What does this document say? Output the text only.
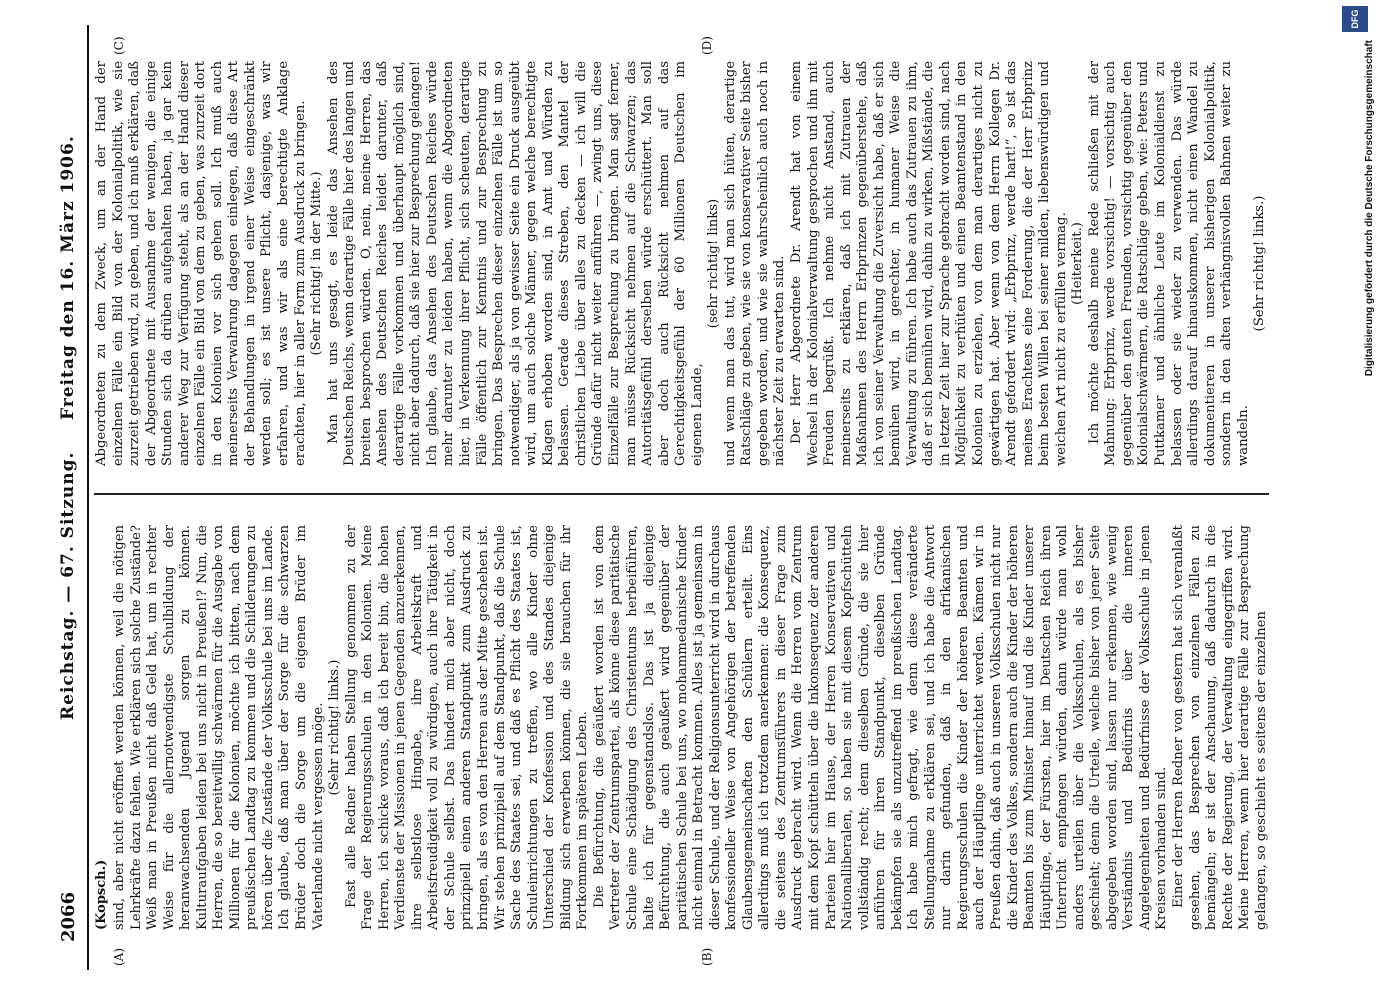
2066
Reichstag. — 67. Sitzung.
Freitag den 16. März 1906.
(Kopsch.)
(A)	(B)
(C)	(D)

sind, aber nicht eröffnet werden können, weil die nötigen Lehrkräfte dazu fehlen. Wie erklären sich solche Zustände? Weiß man in Preußen nicht daß Geld hat, um in rechter Weise für die allernotwendigste Schulbildung der heranwachsenden Jugend sorgen zu können. Kulturaufgaben leiden bei uns nicht in Preußen!? Nun, die Herren, die so bereitwillig schwärmen für die Ausgabe von Millionen für die Kolonien, möchte ich bitten, nach dem preußischen Landtag zu kommen und die Schilderungen zu hören über die Zustände der Volksschule bei uns im Lande. Ich glaube, daß man über der Sorge für die schwarzen Brüder doch die Sorge um die eigenen Brüder im Vaterlande nicht vergessen möge. (Sehr richtig! links.) Fast alle Redner haben Stellung genommen zu der Frage der Regierungsschulen in den Kolonien. Meine Herren, ich schicke voraus, daß ich bereit bin, die hohen Verdienste der Missionen in jenen Gegenden anzuerkennen, ihre selbstlose Hingabe, ihre Arbeitskraft und Arbeitsfreudigkeit voll zu würdigen, auch ihre Tätigkeit in der Schule selbst. Das hindert mich aber nicht, doch prinzipiell einen anderen Standpunkt zum Ausdruck zu bringen, als es von den Herren aus der Mitte geschehen ist. Wir stehen prinzipiell auf dem Standpunkt, daß die Schule Sache des Staates sei, und daß es Pflicht des Staates ist, Schuleinrichtungen zu treffen, wo alle Kinder ohne Unterschied der Konfession und des Standes diejenige Bildung sich erwerben können, die sie brauchen für ihr Fortkommen im späteren Leben. Die Befürchtung, die geäußert worden ist von dem Vertreter der Zentrumspartei, als könne diese paritätische Schule eine Schädigung des Christentums herbeiführen, halte ich für gegenstandslos. Das ist ja diejenige Befürchtung, die auch geäußert wird gegenüber der paritätischen Schule bei uns, wo mohammedanische Kinder nicht einmal in Betracht kommen. Alles ist ja gemeinsam in dieser Schule, und der Religionsunterricht wird in durchaus konfessioneller Weise von Angehörigen der betreffenden Glaubensgemeinschaften den Schülern erteilt. Eins allerdings muß ich trotzdem anerkennen: die Konsequenz, die seitens des Zentrumsführers in dieser Frage zum Ausdruck gebracht wird. Wenn die Herren vom Zentrum mit dem Kopf schütteln über die Inkonsequenz der anderen Parteien hier im Hause, der Herren Konservativen und Nationalliberalen, so haben sie mit diesem Kopfschütteln vollständig recht; denn dieselben Gründe, die sie hier anführen für ihren Standpunkt, dieselben Gründe bekämpfen sie als unzutreffend im preußischen Landtag. Ich habe mich gefragt, wie denn diese veränderte Stellungnahme zu erklären sei, und ich habe die Antwort nur darin gefunden, daß in den afrikanischen Regierungsschulen die Kinder der höheren Beamten und auch der Häuptlinge unterrichtet werden. Kämen wir in Preußen dahin, daß auch in unseren Volksschulen nicht nur die Kinder des Volkes, sondern auch die Kinder der höheren Beamten bis zum Minister hinauf und die Kinder unserer Häuptlinge, der Fürsten, hier im Deutschen Reich ihren Unterricht empfangen würden, dann würde man wohl anders urteilen über die Volksschulen, als es bisher geschieht; denn die Urteile, welche bisher von jener Seite abgegeben worden sind, lassen nur erkennen, wie wenig Verständnis und Bedürfnis über die inneren Angelegenheiten und Bedürfnisse der Volksschule in jenen Kreisen vorhanden sind. Einer der Herren Redner von gestern hat sich veranlaßt gesehen, das Besprechen von einzelnen Fällen zu bemängeln; er ist der Anschauung, daß dadurch in die Rechte der Regierung, der Verwaltung eingegriffen wird. Meine Herren, wenn hier derartige Fälle zur Besprechung gelangen, so geschieht es seitens der einzelnen

Abgeordneten zu dem Zweck, um an der Hand der einzelnen Fälle ein Bild von der Kolonialpolitik, wie sie zurzeit getrieben wird, zu geben, und ich muß erklären, daß der Abgeordnete mit Ausnahme der wenigen, die einige Stunden sich da drüben aufgehalten haben, ja gar kein anderer Weg zur Verfügung steht, als an der Hand dieser einzelnen Fälle ein Bild von dem zu geben, was zurzeit dort in den Kolonien vor sich gehen soll. Ich muß auch meinerseits Verwahrung dagegen einlegen, daß diese Art der Behandlungen in irgend einer Weise eingeschränkt werden soll; es ist unsere Pflicht, dasjenige, was wir erfahren, und was wir als eine berechtigte Anklage erachten, hier in aller Form zum Ausdruck zu bringen. (Sehr richtig! in der Mitte.) Man hat uns gesagt, es leide das Ansehen des Deutschen Reichs, wenn derartige Fälle hier des langen und breiten besprochen würden. O, nein, meine Herren, das Ansehen des Deutschen Reiches leidet darunter, daß derartige Fälle vorkommen und überhaupt möglich sind, nicht aber dadurch, daß sie hier zur Besprechung gelangen! Ich glaube, das Ansehen des Deutschen Reiches würde mehr darunter zu leiden haben, wenn die Abgeordneten hier, in Verkennung ihrer Pflicht, sich scheuten, derartige Fälle öffentlich zur Kenntnis und zur Besprechung zu bringen. Das Besprechen dieser einzelnen Fälle ist um so notwendiger, als ja von gewisser Seite ein Druck ausgeübt wird, um auch solche Männer, gegen welche berechtigte Klagen erhoben worden sind, in Amt und Würden zu belassen. Gerade dieses Streben, den Mantel der christlichen Liebe über alles zu decken — ich will die Gründe dafür nicht weiter anführen —, zwingt uns, diese Einzelfälle zur Besprechung zu bringen. Man sagt ferner, man müsse Rücksicht nehmen auf die Schwarzen; das Autoritätsgefühl derselben würde erschüttert. Man soll aber doch auch Rücksicht nehmen auf das Gerechtigkeitsgefühl der 60 Millionen Deutschen im eigenen Lande,

(sehr richtig! links) und wenn man das tut, wird man sich hüten, derartige Ratschläge zu geben, wie sie von konservativer Seite bisher gegeben worden, und wie sie wahrscheinlich auch noch in nächster Zeit zu erwarten sind. Der Herr Abgeordnete Dr. Arendt hat von einem Wechsel in der Kolonialverwaltung gesprochen und ihn mit Freuden begrüßt. Ich nehme nicht Anstand, auch meinerseits zu erklären, daß ich mit Zutrauen der Maßnahmen des Herrn Erbprinzen gegenüberstehe, daß ich von seiner Verwaltung die Zuversicht habe, daß er sich bemühen wird, in gerechter, in humaner Weise die Verwaltung zu führen. Ich habe auch das Zutrauen zu ihm, daß er sich bemühen wird, dahin zu wirken, Mißstände, die in letzter Zeit hier zur Sprache gebracht worden sind, nach Möglichkeit zu verhüten und einen Beamtenstand in den Kolonien zu erziehen, von dem man derartiges nicht zu gewärtigen hat. Aber wenn von dem Herrn Kollegen Dr. Arendt gefordert wird: „Erbprinz, werde hart!“, so ist das meines Erachtens eine Forderung, die der Herr Erbprinz beim besten Willen bei seiner milden, liebenswürdigen und weichen Art nicht zu erfüllen vermag. (Heiterkeit.) Ich möchte deshalb meine Rede schließen mit der Mahnung: Erbprinz, werde vorsichtig! — vorsichtig auch gegenüber den guten Freunden, vorsichtig gegenüber den Kolonialschwärmern, die Ratschläge geben, wie: Peters und Puttkamer und ähnliche Leute im Kolonialdienst zu belassen oder sie wieder zu verwenden. Das würde allerdings darauf hinauskommen, nicht einen Wandel zu dokumentieren in unserer bisherigen Kolonialpolitik, sondern in den alten verhängnisvollen Bahnen weiter zu wandeln.

(Sehr richtig! links.)

DFG
Digitalisierung gefördert durch die Deutsche Forschungsgemeinschaft
